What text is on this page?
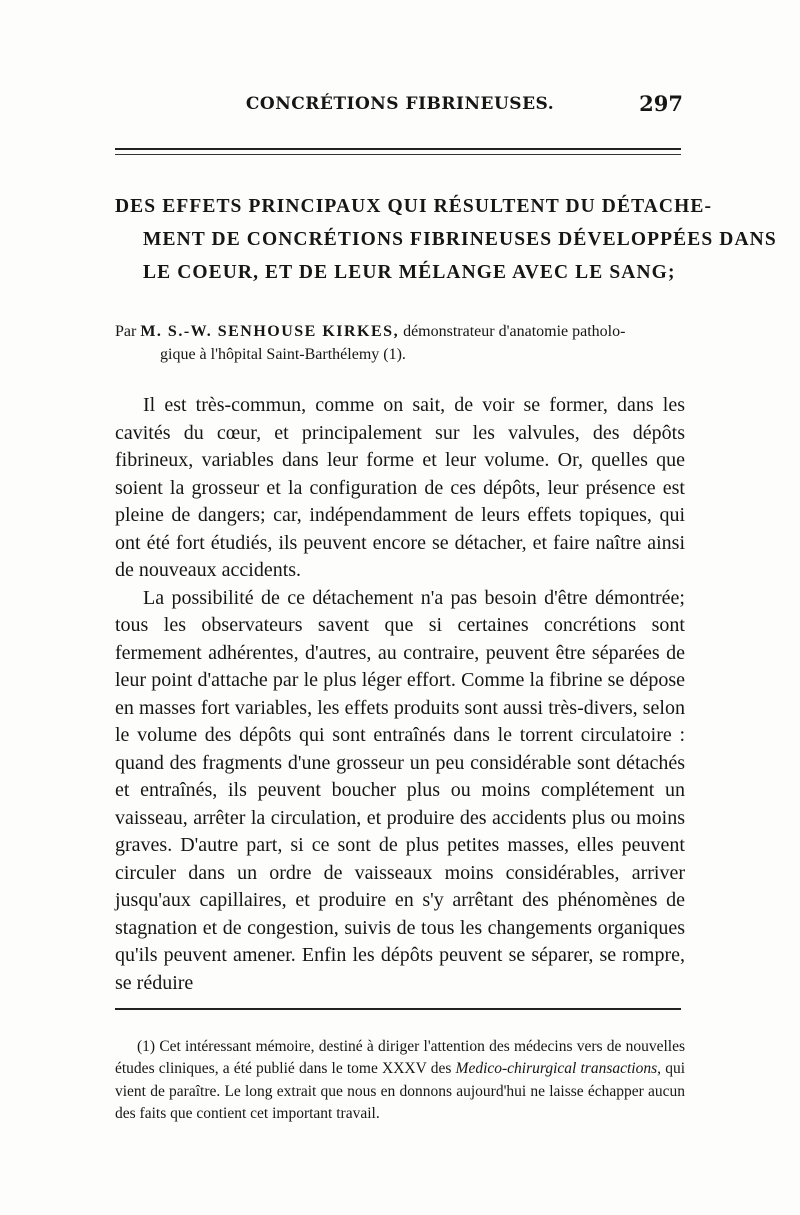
CONCRÉTIONS FIBRINEUSES.	297
DES EFFETS PRINCIPAUX QUI RÉSULTENT DU DÉTACHE-
MENT DE CONCRÉTIONS FIBRINEUSES DÉVELOPPÉES DANS
LE COEUR, ET DE LEUR MÉLANGE AVEC LE SANG;
Par M. S.-W. SENHOUSE KIRKES, démonstrateur d'anatomie patholo-
gique à l'hôpital Saint-Barthélemy (1).

Il est très-commun, comme on sait, de voir se former, dans les cavités du cœur, et principalement sur les valvules, des dépôts fibrineux, variables dans leur forme et leur volume. Or, quelles que soient la grosseur et la configuration de ces dépôts, leur présence est pleine de dangers; car, indépendamment de leurs effets topiques, qui ont été fort étudiés, ils peuvent encore se détacher, et faire naître ainsi de nouveaux accidents.

La possibilité de ce détachement n'a pas besoin d'être démontrée; tous les observateurs savent que si certaines concrétions sont fermement adhérentes, d'autres, au contraire, peuvent être séparées de leur point d'attache par le plus léger effort. Comme la fibrine se dépose en masses fort variables, les effets produits sont aussi très-divers, selon le volume des dépôts qui sont entraînés dans le torrent circulatoire : quand des fragments d'une grosseur un peu considérable sont détachés et entraînés, ils peuvent boucher plus ou moins complétement un vaisseau, arrêter la circulation, et produire des accidents plus ou moins graves. D'autre part, si ce sont de plus petites masses, elles peuvent circuler dans un ordre de vaisseaux moins considérables, arriver jusqu'aux capillaires, et produire en s'y arrêtant des phénomènes de stagnation et de congestion, suivis de tous les changements organiques qu'ils peuvent amener. Enfin les dépôts peuvent se séparer, se rompre, se réduire

(1) Cet intéressant mémoire, destiné à diriger l'attention des médecins vers de nouvelles études cliniques, a été publié dans le tome XXXV des Medico-chirurgical transactions, qui vient de paraître. Le long extrait que nous en donnons aujourd'hui ne laisse échapper aucun des faits que contient cet important travail.
